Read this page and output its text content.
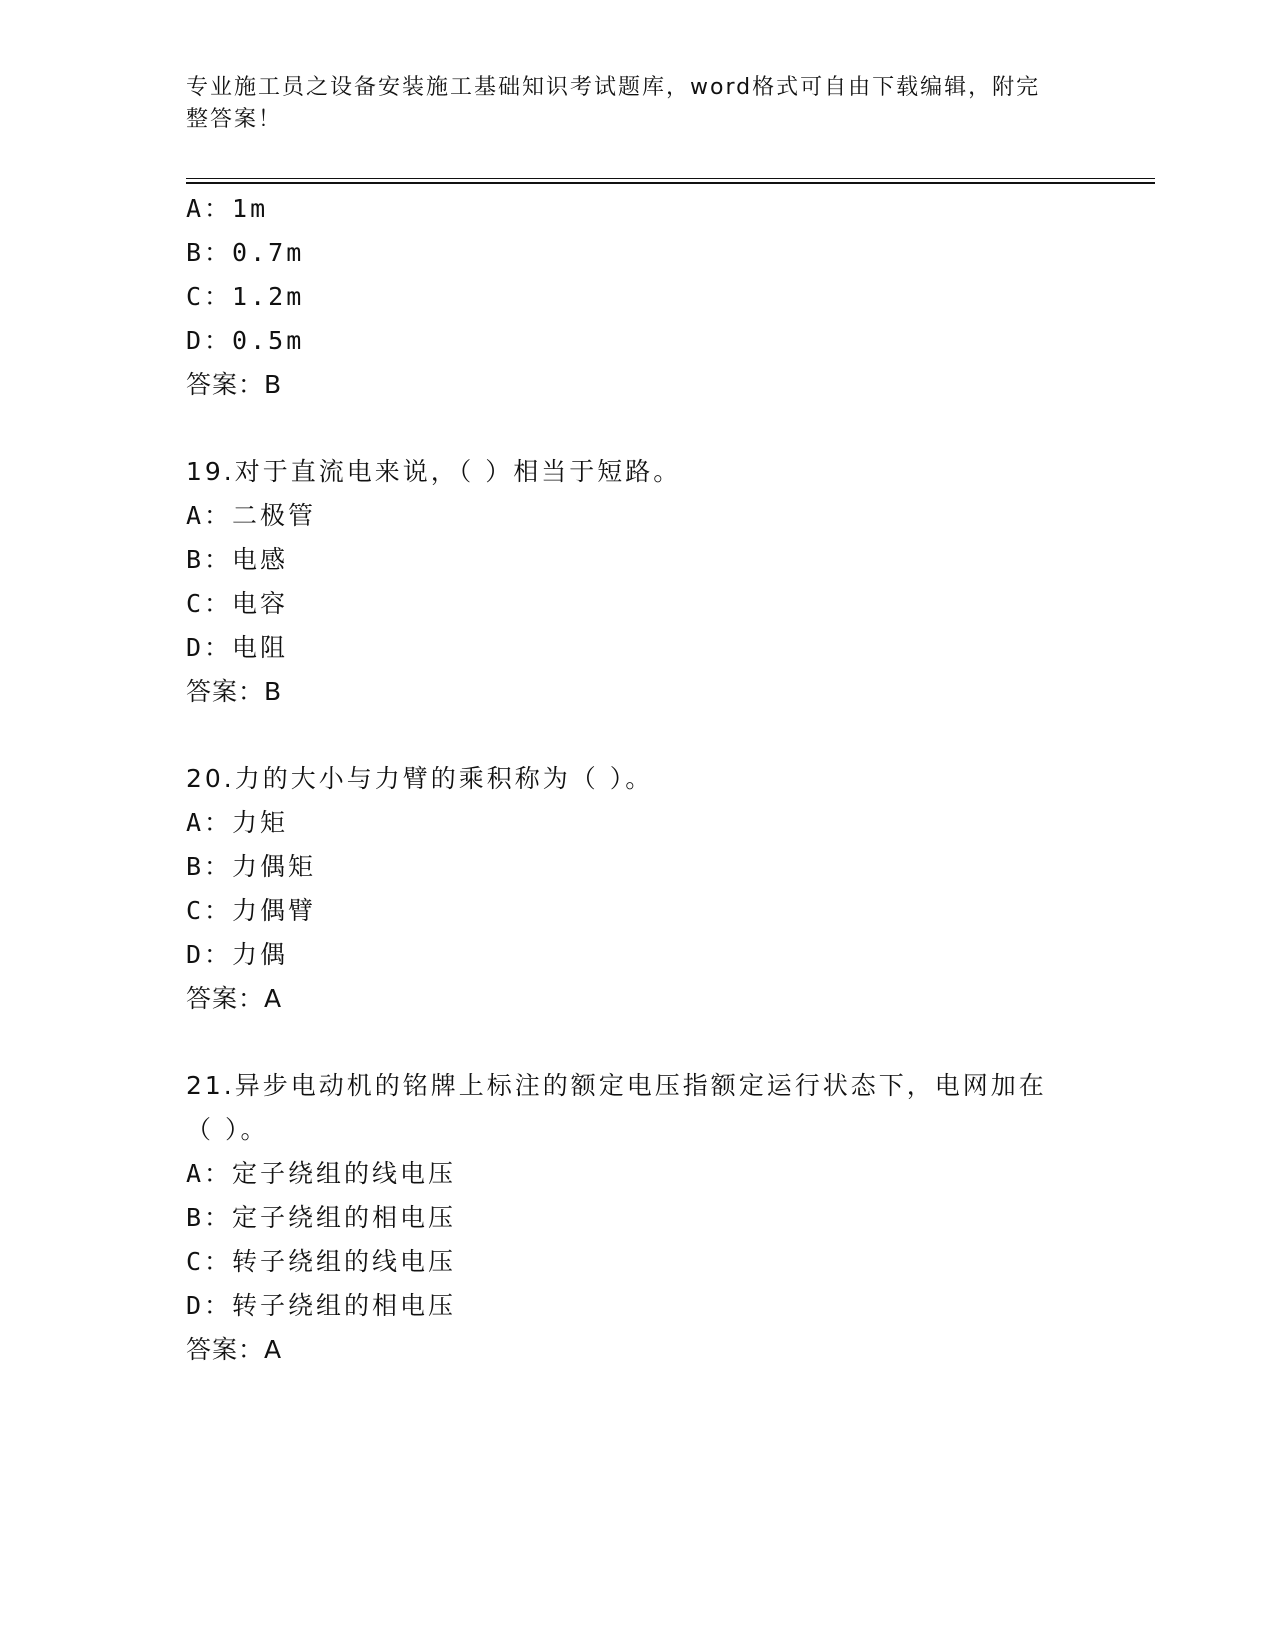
专业施工员之设备安装施工基础知识考试题库，word格式可自由下载编辑，附完
整答案！
A：1m
B：0.7m
C：1.2m
D：0.5m
答案：B
19.对于直流电来说，（ ）相当于短路。
A：二极管
B：电感
C：电容
D：电阻
答案：B
20.力的大小与力臂的乘积称为（ ）。
A：力矩
B：力偶矩
C：力偶臂
D：力偶
答案：A
21.异步电动机的铭牌上标注的额定电压指额定运行状态下，电网加在
（ ）。
A：定子绕组的线电压
B：定子绕组的相电压
C：转子绕组的线电压
D：转子绕组的相电压
答案：A
